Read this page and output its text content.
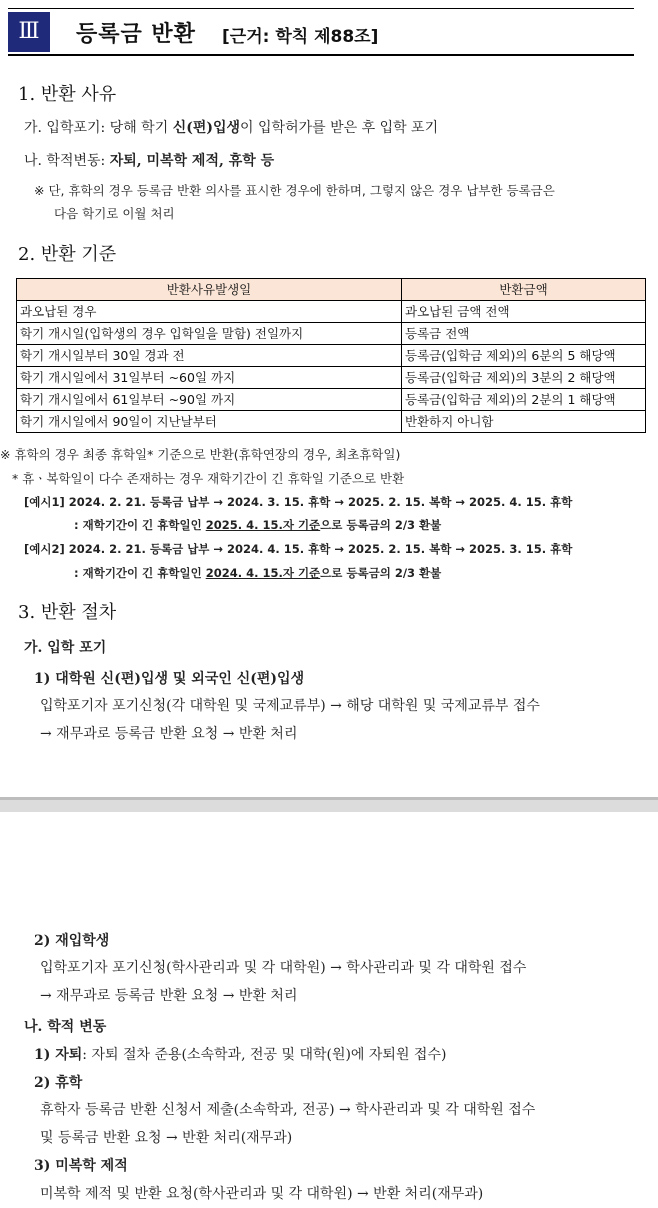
Ⅲ	등록금 반환 [근거: 학칙 제88조]
1. 반환 사유
가. 입학포기: 당해 학기 신(편)입생이 입학허가를 받은 후 입학 포기
나. 학적변동: 자퇴, 미복학 제적, 휴학 등
※ 단, 휴학의 경우 등록금 반환 의사를 표시한 경우에 한하며, 그렇지 않은 경우 납부한 등록금은
다음 학기로 이월 처리
2. 반환 기준
반환사유발생일	반환금액
과오납된 경우	과오납된 금액 전액
학기 개시일(입학생의 경우 입학일을 말함) 전일까지	등록금 전액
학기 개시일부터 30일 경과 전	등록금(입학금 제외)의 6분의 5 해당액
학기 개시일에서 31일부터 ~60일 까지	등록금(입학금 제외)의 3분의 2 해당액
학기 개시일에서 61일부터 ~90일 까지	등록금(입학금 제외)의 2분의 1 해당액
학기 개시일에서 90일이 지난날부터	반환하지 아니함
※ 휴학의 경우 최종 휴학일* 기준으로 반환(휴학연장의 경우, 최초휴학일)
* 휴ㆍ복학일이 다수 존재하는 경우 재학기간이 긴 휴학일 기준으로 반환
[예시1] 2024. 2. 21. 등록금 납부 → 2024. 3. 15. 휴학 → 2025. 2. 15. 복학 → 2025. 4. 15. 휴학
: 재학기간이 긴 휴학일인 2025. 4. 15.자 기준으로 등록금의 2/3 환불
[예시2] 2024. 2. 21. 등록금 납부 → 2024. 4. 15. 휴학 → 2025. 2. 15. 복학 → 2025. 3. 15. 휴학
: 재학기간이 긴 휴학일인 2024. 4. 15.자 기준으로 등록금의 2/3 환불
3. 반환 절차
가. 입학 포기
1) 대학원 신(편)입생 및 외국인 신(편)입생
입학포기자 포기신청(각 대학원 및 국제교류부) → 해당 대학원 및 국제교류부 접수
→ 재무과로 등록금 반환 요청 → 반환 처리
2) 재입학생
입학포기자 포기신청(학사관리과 및 각 대학원) → 학사관리과 및 각 대학원 접수
→ 재무과로 등록금 반환 요청 → 반환 처리
나. 학적 변동
1) 자퇴: 자퇴 절차 준용(소속학과, 전공 및 대학(원)에 자퇴원 접수)
2) 휴학
휴학자 등록금 반환 신청서 제출(소속학과, 전공) → 학사관리과 및 각 대학원 접수
및 등록금 반환 요청 → 반환 처리(재무과)
3) 미복학 제적
미복학 제적 및 반환 요청(학사관리과 및 각 대학원) → 반환 처리(재무과)
